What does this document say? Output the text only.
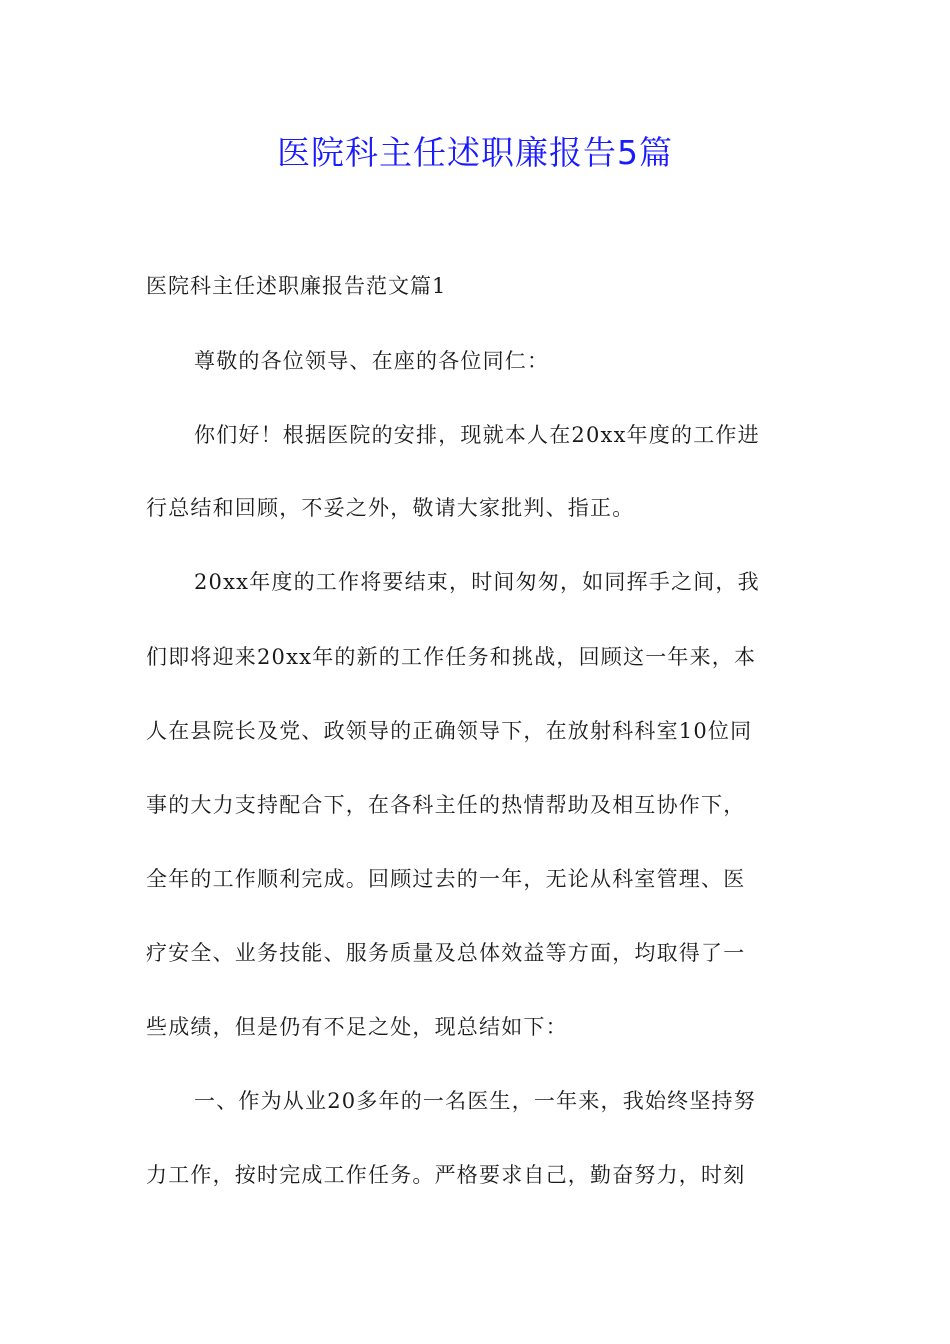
医院科主任述职廉报告5篇
医院科主任述职廉报告范文篇1
尊敬的各位领导、在座的各位同仁：
你们好！根据医院的安排，现就本人在20xx年度的工作进
行总结和回顾，不妥之外，敬请大家批判、指正。
20xx年度的工作将要结束，时间匆匆，如同挥手之间，我
们即将迎来20xx年的新的工作任务和挑战，回顾这一年来，本
人在县院长及党、政领导的正确领导下，在放射科科室10位同
事的大力支持配合下，在各科主任的热情帮助及相互协作下，
全年的工作顺利完成。回顾过去的一年，无论从科室管理、医
疗安全、业务技能、服务质量及总体效益等方面，均取得了一
些成绩，但是仍有不足之处，现总结如下：
一、作为从业20多年的一名医生，一年来，我始终坚持努
力工作，按时完成工作任务。严格要求自己，勤奋努力，时刻
